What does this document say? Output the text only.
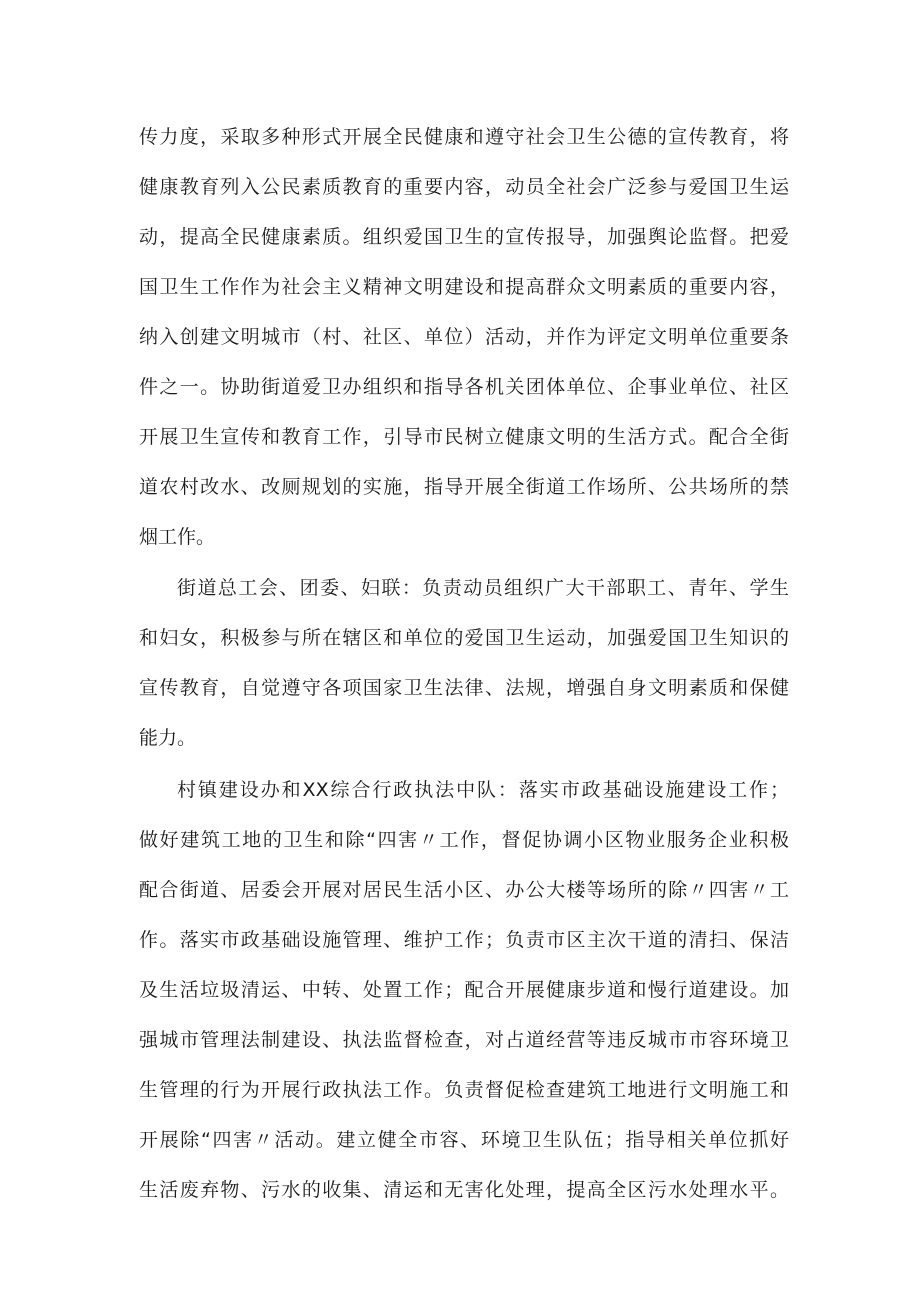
传力度，采取多种形式开展全民健康和遵守社会卫生公德的宣传教育，将
健康教育列入公民素质教育的重要内容，动员全社会广泛参与爱国卫生运
动，提高全民健康素质。组织爱国卫生的宣传报导，加强舆论监督。把爱
国卫生工作作为社会主义精神文明建设和提高群众文明素质的重要内容，
纳入创建文明城市（村、社区、单位）活动，并作为评定文明单位重要条
件之一。协助街道爱卫办组织和指导各机关团体单位、企事业单位、社区
开展卫生宣传和教育工作，引导市民树立健康文明的生活方式。配合全街
道农村改水、改厕规划的实施，指导开展全街道工作场所、公共场所的禁
烟工作。
街道总工会、团委、妇联：负责动员组织广大干部职工、青年、学生
和妇女，积极参与所在辖区和单位的爱国卫生运动，加强爱国卫生知识的
宣传教育，自觉遵守各项国家卫生法律、法规，增强自身文明素质和保健
能力。
村镇建设办和XX综合行政执法中队：落实市政基础设施建设工作；
做好建筑工地的卫生和除“四害〃工作，督促协调小区物业服务企业积极
配合街道、居委会开展对居民生活小区、办公大楼等场所的除〃四害〃工
作。落实市政基础设施管理、维护工作；负责市区主次干道的清扫、保洁
及生活垃圾清运、中转、处置工作；配合开展健康步道和慢行道建设。加
强城市管理法制建设、执法监督检查，对占道经营等违反城市市容环境卫
生管理的行为开展行政执法工作。负责督促检查建筑工地进行文明施工和
开展除“四害〃活动。建立健全市容、环境卫生队伍；指导相关单位抓好
生活废弃物、污水的收集、清运和无害化处理，提高全区污水处理水平。
